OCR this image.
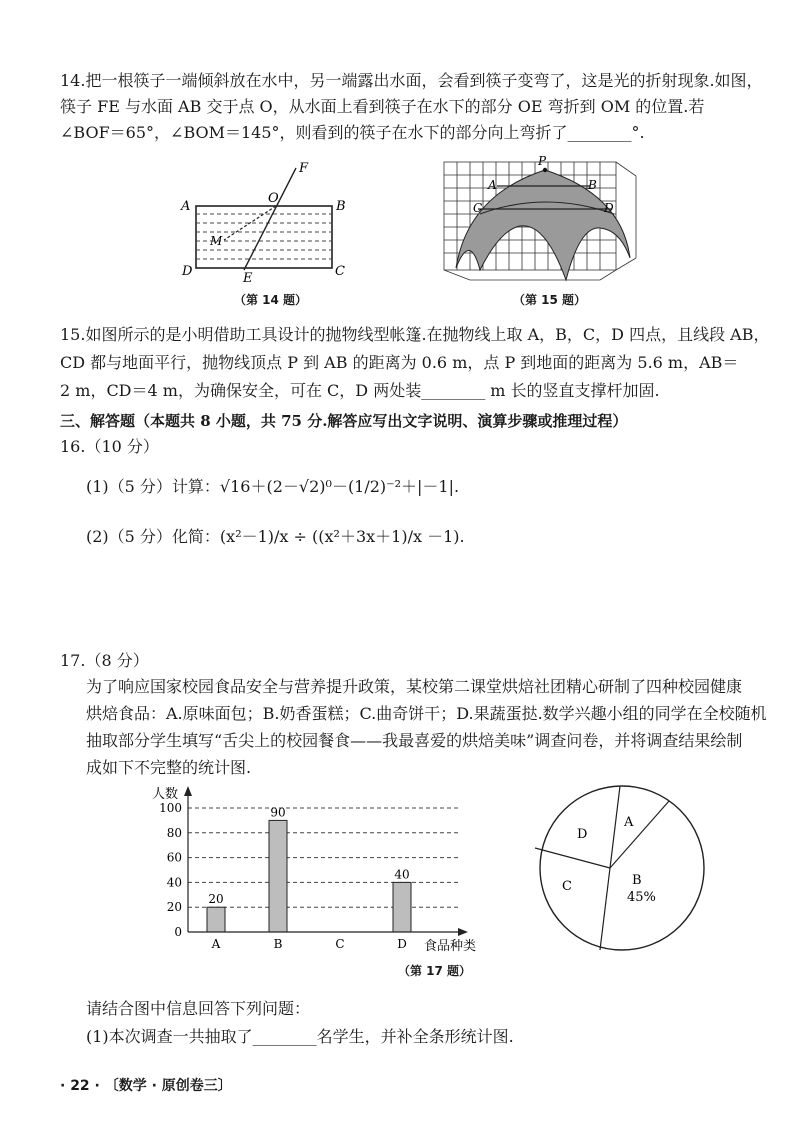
14.把一根筷子一端倾斜放在水中，另一端露出水面，会看到筷子变弯了，这是光的折射现象.如图，
筷子 FE 与水面 AB 交于点 O，从水面上看到筷子在水下的部分 OE 弯折到 OM 的位置.若
∠BOF＝65°，∠BOM＝145°，则看到的筷子在水下的部分向上弯折了________°.
A	B
C
D	E
F
O
M
（第 14 题）
P
A	B
C	D
（第 15 题）
15.如图所示的是小明借助工具设计的抛物线型帐篷.在抛物线上取 A，B，C，D 四点，且线段 AB，
CD 都与地面平行，抛物线顶点 P 到 AB 的距离为 0.6 m，点 P 到地面的距离为 5.6 m，AB＝
2 m，CD＝4 m，为确保安全，可在 C，D 两处装________ m 长的竖直支撑杆加固.
三、解答题（本题共 8 小题，共 75 分.解答应写出文字说明、演算步骤或推理过程）
16.（10 分）
(1)（5 分）计算：√16＋(2－√2)⁰－(1/2)⁻²＋|－1|.
(2)（5 分）化简：(x²－1)/x ÷ ((x²＋3x＋1)/x －1).
17.（8 分）
为了响应国家校园食品安全与营养提升政策，某校第二课堂烘焙社团精心研制了四种校园健康
烘焙食品：A.原味面包；B.奶香蛋糕；C.曲奇饼干；D.果蔬蛋挞.数学兴趣小组的同学在全校随机
抽取部分学生填写“舌尖上的校园餐食——我最喜爱的烘焙美味”调查问卷，并将调查结果绘制
成如下不完整的统计图.
20
90
40
0
20
40
60
80
100
A	B	C	D
人数
食品种类
A
B
45%
C
D
（第 17 题）
请结合图中信息回答下列问题：
(1)本次调查一共抽取了________名学生，并补全条形统计图.
· 22 · 〔数学 · 原创卷三〕
